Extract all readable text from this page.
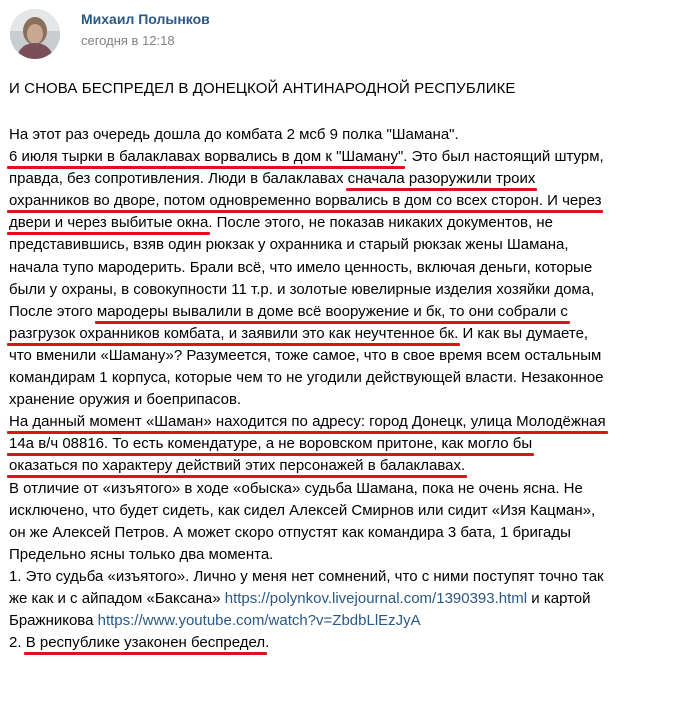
Михаил Полынков
сегодня в 12:18
И СНОВА БЕСПРЕДЕЛ В ДОНЕЦКОЙ АНТИНАРОДНОЙ РЕСПУБЛИКЕ
На этот раз очередь дошла до комбата 2 мсб 9 полка "Шамана".
6 июля тырки в балаклавах ворвались в дом к "Шаману". Это был настоящий штурм,
правда, без сопротивления. Люди в балаклавах сначала разоружили троих
охранников во дворе, потом одновременно ворвались в дом со всех сторон. И через
двери и через выбитые окна. После этого, не показав никаких документов, не
представившись, взяв один рюкзак у охранника и старый рюкзак жены Шамана,
начала тупо мародерить. Брали всё, что имело ценность, включая деньги, которые
были у охраны, в совокупности 11 т.р. и золотые ювелирные изделия хозяйки дома,
После этого мародеры вывалили в доме всё вооружение и бк, то они собрали с
разгрузок охранников комбата, и заявили это как неучтенное бк. И как вы думаете,
что вменили «Шаману»? Разумеется, тоже самое, что в свое время всем остальным
командирам 1 корпуса, которые чем то не угодили действующей власти. Незаконное
хранение оружия и боеприпасов.
На данный момент «Шаман» находится по адресу: город Донецк, улица Молодёжная
14а в/ч 08816. То есть комендатуре, а не воровском притоне, как могло бы
оказаться по характеру действий этих персонажей в балаклавах.
В отличие от «изъятого» в ходе «обыска» судьба Шамана, пока не очень ясна. Не
исключено, что будет сидеть, как сидел Алексей Смирнов или сидит «Изя Кацман»,
он же Алексей Петров. А может скоро отпустят как командира 3 бата, 1 бригады
Предельно ясны только два момента.
1. Это судьба «изъятого». Лично у меня нет сомнений, что с ними поступят точно так
же как и с айпадом «Баксана» https://polynkov.livejournal.com/1390393.html и картой
Бражникова https://www.youtube.com/watch?v=ZbdbLlEzJyA
2. В республике узаконен беспредел.
